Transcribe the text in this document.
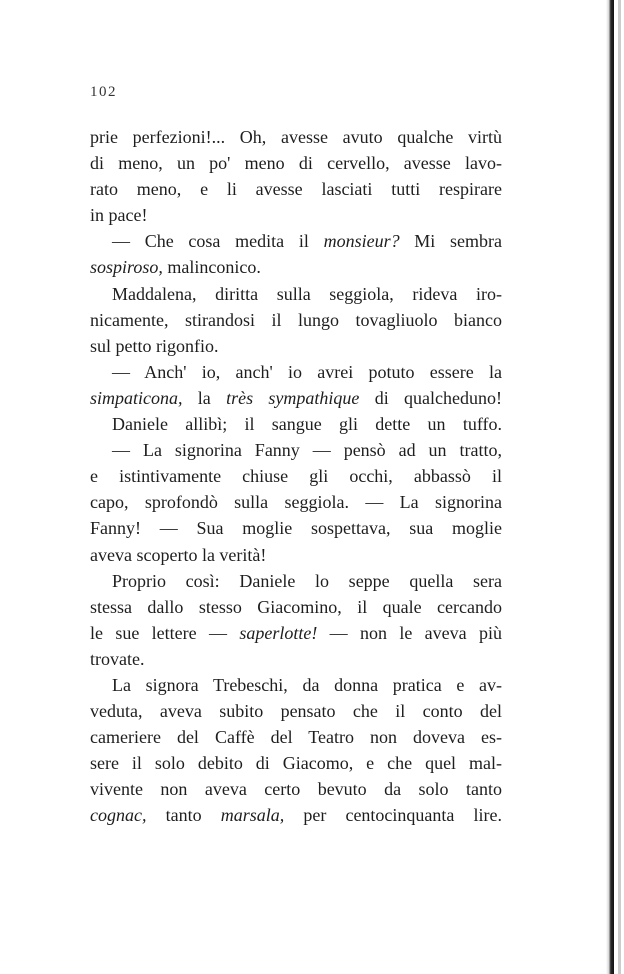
102
prie perfezioni!... Oh, avesse avuto qualche virtù
di meno, un po' meno di cervello, avesse lavo-
rato meno, e li avesse lasciati tutti respirare
in pace!
— Che cosa medita il monsieur? Mi sembra
sospiroso, malinconico.
Maddalena, diritta sulla seggiola, rideva iro-
nicamente, stirandosi il lungo tovagliuolo bianco
sul petto rigonfio.
— Anch' io, anch' io avrei potuto essere la
simpaticona, la très sympathique di qualcheduno!
Daniele allibì; il sangue gli dette un tuffo.
— La signorina Fanny — pensò ad un tratto,
e istintivamente chiuse gli occhi, abbassò il
capo, sprofondò sulla seggiola. — La signorina
Fanny! — Sua moglie sospettava, sua moglie
aveva scoperto la verità!
Proprio così: Daniele lo seppe quella sera
stessa dallo stesso Giacomino, il quale cercando
le sue lettere — saperlotte! — non le aveva più
trovate.
La signora Trebeschi, da donna pratica e av-
veduta, aveva subito pensato che il conto del
cameriere del Caffè del Teatro non doveva es-
sere il solo debito di Giacomo, e che quel mal-
vivente non aveva certo bevuto da solo tanto
cognac, tanto marsala, per centocinquanta lire.
